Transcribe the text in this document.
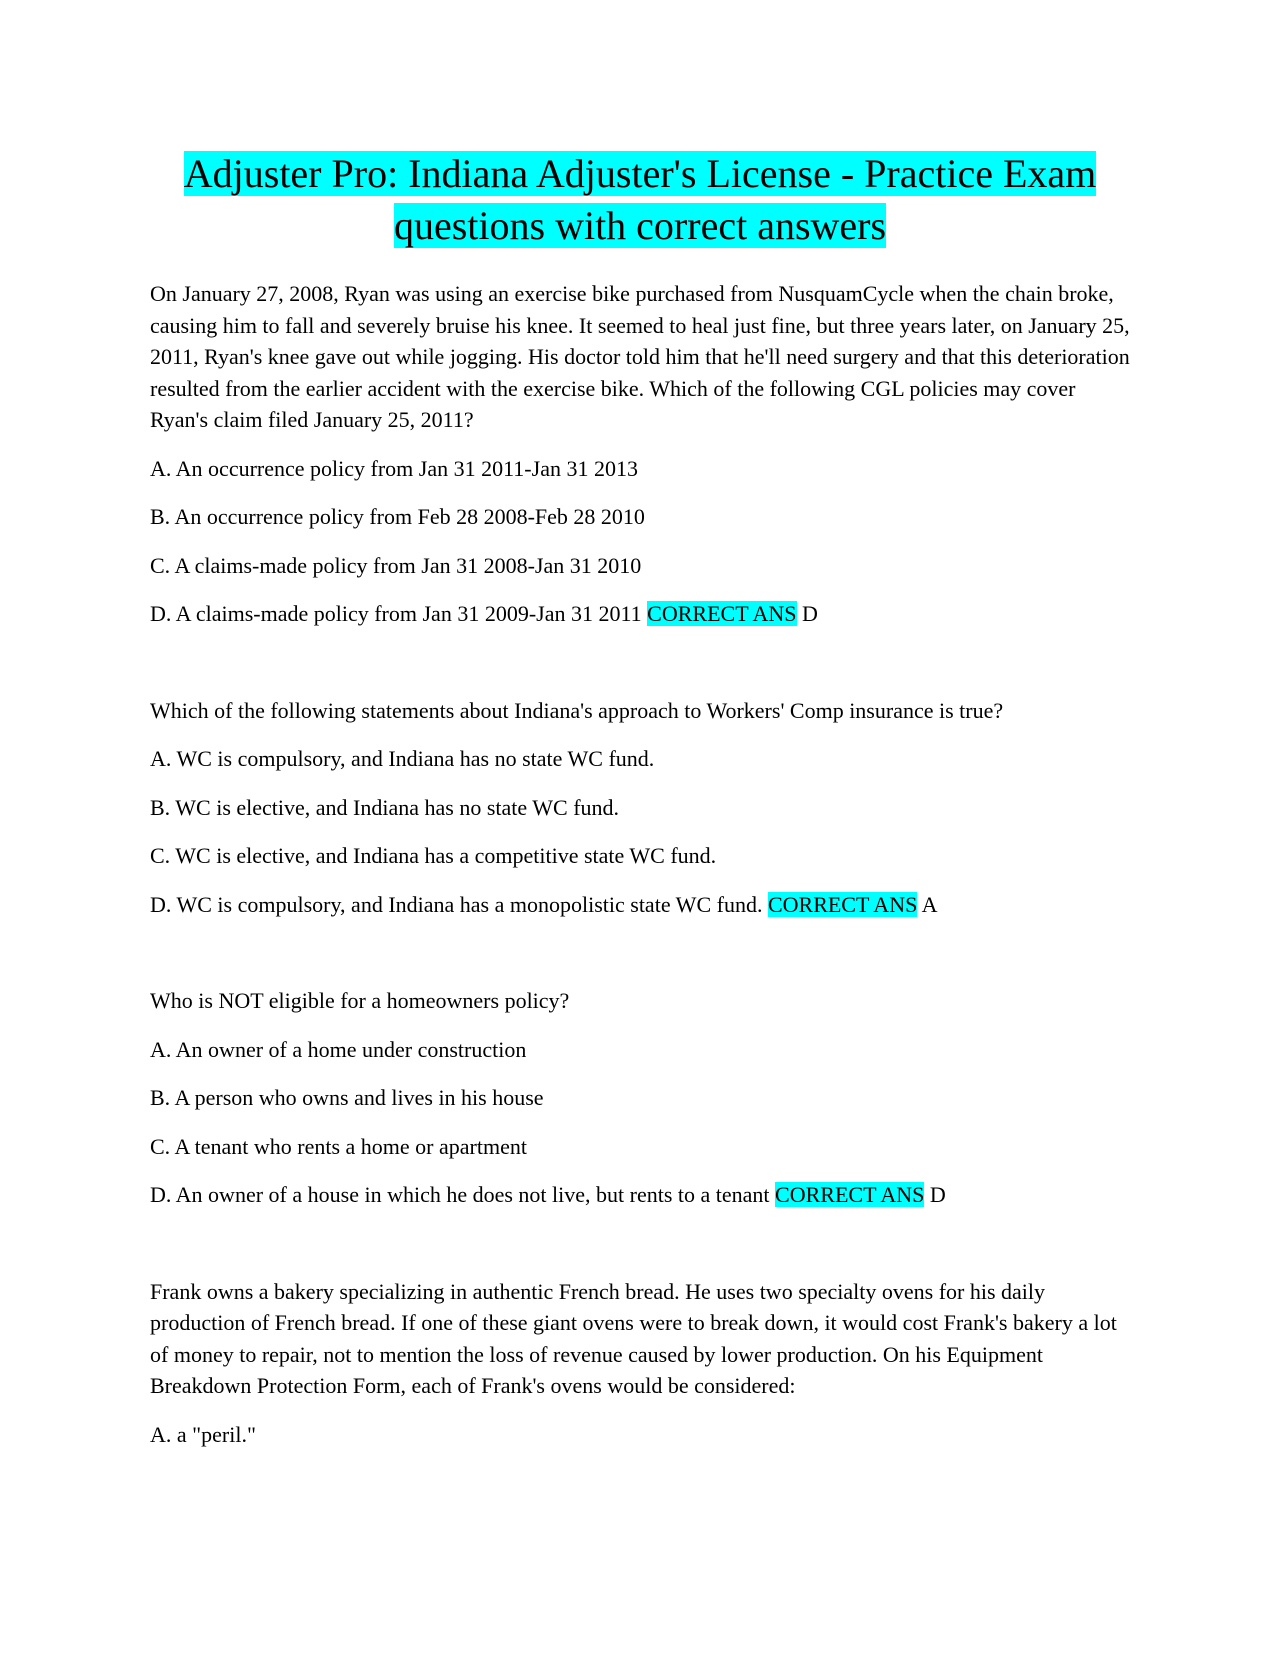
Adjuster Pro: Indiana Adjuster's License - Practice Exam
questions with correct answers

On January 27, 2008, Ryan was using an exercise bike purchased from NusquamCycle when the chain broke, causing him to fall and severely bruise his knee. It seemed to heal just fine, but three years later, on January 25, 2011, Ryan's knee gave out while jogging. His doctor told him that he'll need surgery and that this deterioration resulted from the earlier accident with the exercise bike. Which of the following CGL policies may cover Ryan's claim filed January 25, 2011?

A. An occurrence policy from Jan 31 2011-Jan 31 2013

B. An occurrence policy from Feb 28 2008-Feb 28 2010

C. A claims-made policy from Jan 31 2008-Jan 31 2010

D. A claims-made policy from Jan 31 2009-Jan 31 2011 CORRECT ANS D

Which of the following statements about Indiana's approach to Workers' Comp insurance is true?

A. WC is compulsory, and Indiana has no state WC fund.

B. WC is elective, and Indiana has no state WC fund.

C. WC is elective, and Indiana has a competitive state WC fund.

D. WC is compulsory, and Indiana has a monopolistic state WC fund. CORRECT ANS A

Who is NOT eligible for a homeowners policy?

A. An owner of a home under construction

B. A person who owns and lives in his house

C. A tenant who rents a home or apartment

D. An owner of a house in which he does not live, but rents to a tenant CORRECT ANS D

Frank owns a bakery specializing in authentic French bread. He uses two specialty ovens for his daily production of French bread. If one of these giant ovens were to break down, it would cost Frank's bakery a lot of money to repair, not to mention the loss of revenue caused by lower production. On his Equipment Breakdown Protection Form, each of Frank's ovens would be considered:

A. a "peril."
